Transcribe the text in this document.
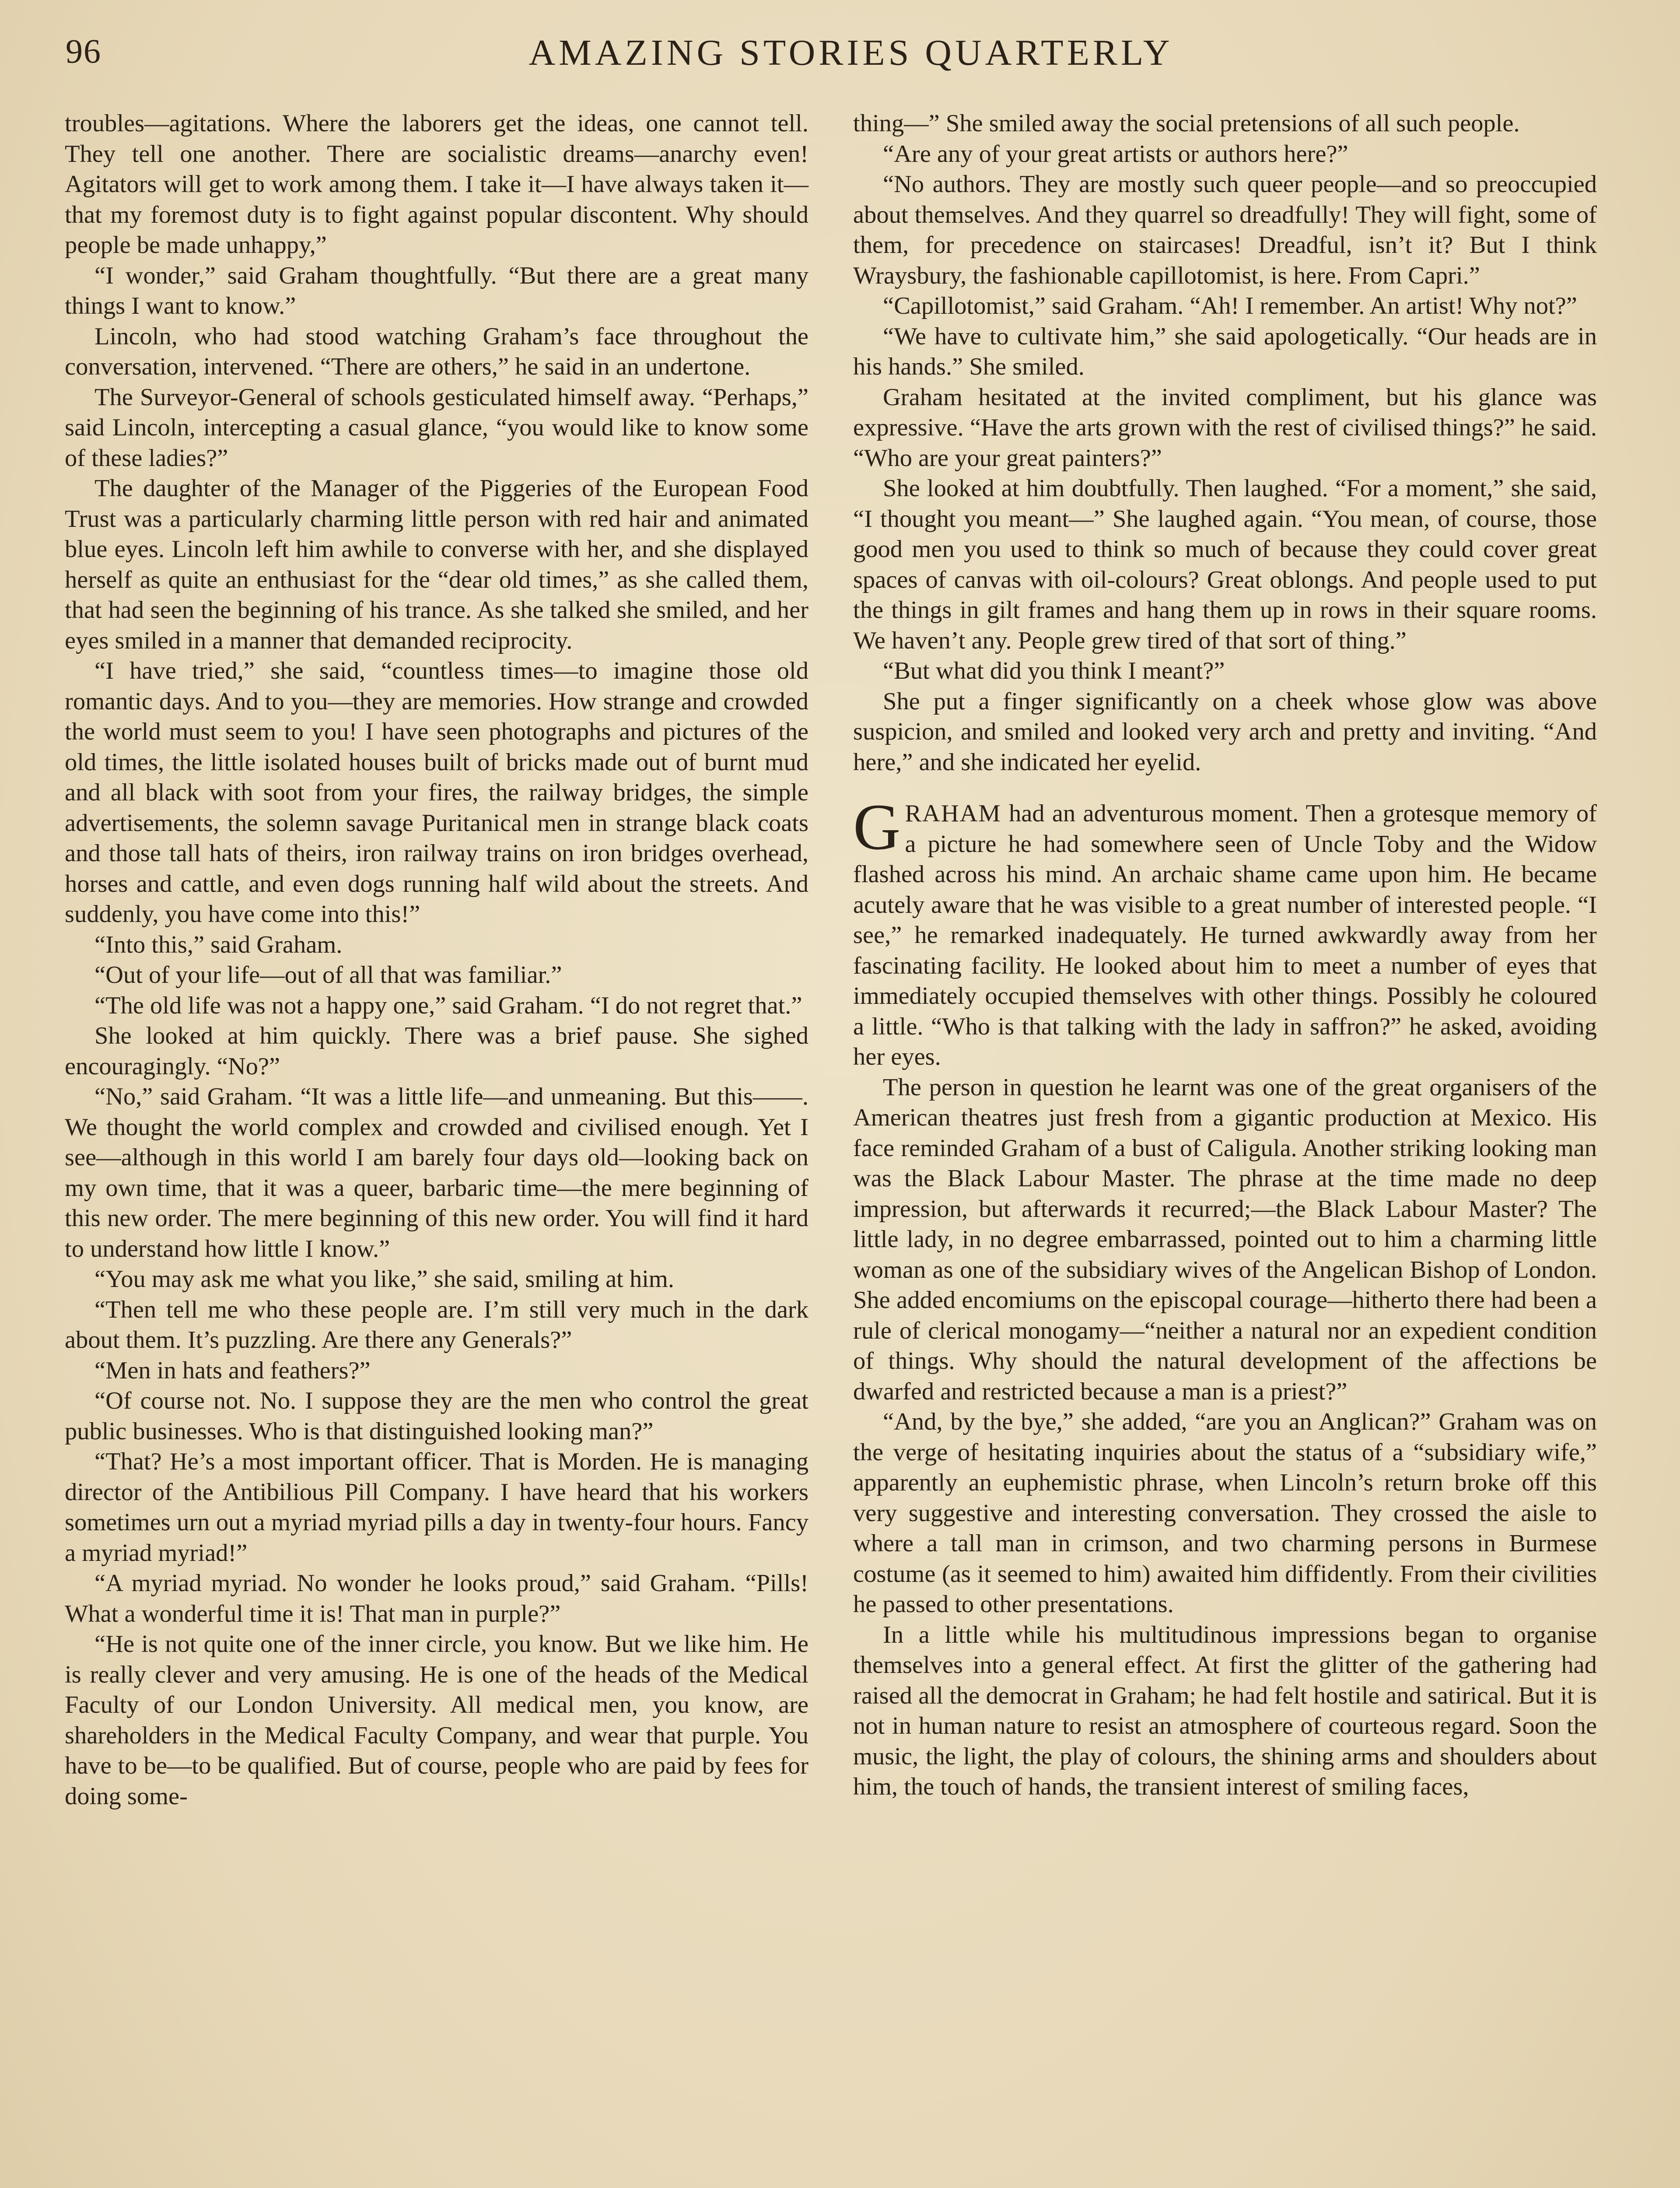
96	AMAZING STORIES QUARTERLY

troubles—agitations. Where the laborers get the ideas, one cannot tell. They tell one another. There are socialistic dreams—anarchy even! Agitators will get to work among them. I take it—I have always taken it—that my foremost duty is to fight against popular discontent. Why should people be made unhappy,”

“I wonder,” said Graham thoughtfully. “But there are a great many things I want to know.”

Lincoln, who had stood watching Graham’s face throughout the conversation, intervened. “There are others,” he said in an undertone.

The Surveyor-General of schools gesticulated himself away. “Perhaps,” said Lincoln, intercepting a casual glance, “you would like to know some of these ladies?”

The daughter of the Manager of the Piggeries of the European Food Trust was a particularly charming little person with red hair and animated blue eyes. Lincoln left him awhile to converse with her, and she displayed herself as quite an enthusiast for the “dear old times,” as she called them, that had seen the beginning of his trance. As she talked she smiled, and her eyes smiled in a manner that demanded reciprocity.

“I have tried,” she said, “countless times—to imagine those old romantic days. And to you—they are memories. How strange and crowded the world must seem to you! I have seen photographs and pictures of the old times, the little isolated houses built of bricks made out of burnt mud and all black with soot from your fires, the railway bridges, the simple advertisements, the solemn savage Puritanical men in strange black coats and those tall hats of theirs, iron railway trains on iron bridges overhead, horses and cattle, and even dogs running half wild about the streets. And suddenly, you have come into this!”

“Into this,” said Graham.

“Out of your life—out of all that was familiar.”

“The old life was not a happy one,” said Graham. “I do not regret that.”

She looked at him quickly. There was a brief pause. She sighed encouragingly. “No?”

“No,” said Graham. “It was a little life—and unmeaning. But this——. We thought the world complex and crowded and civilised enough. Yet I see—although in this world I am barely four days old—looking back on my own time, that it was a queer, barbaric time—the mere beginning of this new order. The mere beginning of this new order. You will find it hard to understand how little I know.”

“You may ask me what you like,” she said, smiling at him.

“Then tell me who these people are. I’m still very much in the dark about them. It’s puzzling. Are there any Generals?”

“Men in hats and feathers?”

“Of course not. No. I suppose they are the men who control the great public businesses. Who is that distinguished looking man?”

“That? He’s a most important officer. That is Morden. He is managing director of the Antibilious Pill Company. I have heard that his workers sometimes urn out a myriad myriad pills a day in twenty-four hours. Fancy a myriad myriad!”

“A myriad myriad. No wonder he looks proud,” said Graham. “Pills! What a wonderful time it is! That man in purple?”

“He is not quite one of the inner circle, you know. But we like him. He is really clever and very amusing. He is one of the heads of the Medical Faculty of our London University. All medical men, you know, are shareholders in the Medical Faculty Company, and wear that purple. You have to be—to be qualified. But of course, people who are paid by fees for doing some-

thing—” She smiled away the social pretensions of all such people.

“Are any of your great artists or authors here?”

“No authors. They are mostly such queer people—and so preoccupied about themselves. And they quarrel so dreadfully! They will fight, some of them, for precedence on staircases! Dreadful, isn’t it? But I think Wraysbury, the fashionable capillotomist, is here. From Capri.”

“Capillotomist,” said Graham. “Ah! I remember. An artist! Why not?”

“We have to cultivate him,” she said apologetically. “Our heads are in his hands.” She smiled.

Graham hesitated at the invited compliment, but his glance was expressive. “Have the arts grown with the rest of civilised things?” he said. “Who are your great painters?”

She looked at him doubtfully. Then laughed. “For a moment,” she said, “I thought you meant—” She laughed again. “You mean, of course, those good men you used to think so much of because they could cover great spaces of canvas with oil-colours? Great oblongs. And people used to put the things in gilt frames and hang them up in rows in their square rooms. We haven’t any. People grew tired of that sort of thing.”

“But what did you think I meant?”

She put a finger significantly on a cheek whose glow was above suspicion, and smiled and looked very arch and pretty and inviting. “And here,” and she indicated her eyelid.

GRAHAM had an adventurous moment. Then a grotesque memory of a picture he had somewhere seen of Uncle Toby and the Widow flashed across his mind. An archaic shame came upon him. He became acutely aware that he was visible to a great number of interested people. “I see,” he remarked inadequately. He turned awkwardly away from her fascinating facility. He looked about him to meet a number of eyes that immediately occupied themselves with other things. Possibly he coloured a little. “Who is that talking with the lady in saffron?” he asked, avoiding her eyes.

The person in question he learnt was one of the great organisers of the American theatres just fresh from a gigantic production at Mexico. His face reminded Graham of a bust of Caligula. Another striking looking man was the Black Labour Master. The phrase at the time made no deep impression, but afterwards it recurred;—the Black Labour Master? The little lady, in no degree embarrassed, pointed out to him a charming little woman as one of the subsidiary wives of the Angelican Bishop of London. She added encomiums on the episcopal courage—hitherto there had been a rule of clerical monogamy—“neither a natural nor an expedient condition of things. Why should the natural development of the affections be dwarfed and restricted because a man is a priest?”

“And, by the bye,” she added, “are you an Anglican?” Graham was on the verge of hesitating inquiries about the status of a “subsidiary wife,” apparently an euphemistic phrase, when Lincoln’s return broke off this very suggestive and interesting conversation. They crossed the aisle to where a tall man in crimson, and two charming persons in Burmese costume (as it seemed to him) awaited him diffidently. From their civilities he passed to other presentations.

In a little while his multitudinous impressions began to organise themselves into a general effect. At first the glitter of the gathering had raised all the democrat in Graham; he had felt hostile and satirical. But it is not in human nature to resist an atmosphere of courteous regard. Soon the music, the light, the play of colours, the shining arms and shoulders about him, the touch of hands, the transient interest of smiling faces,
